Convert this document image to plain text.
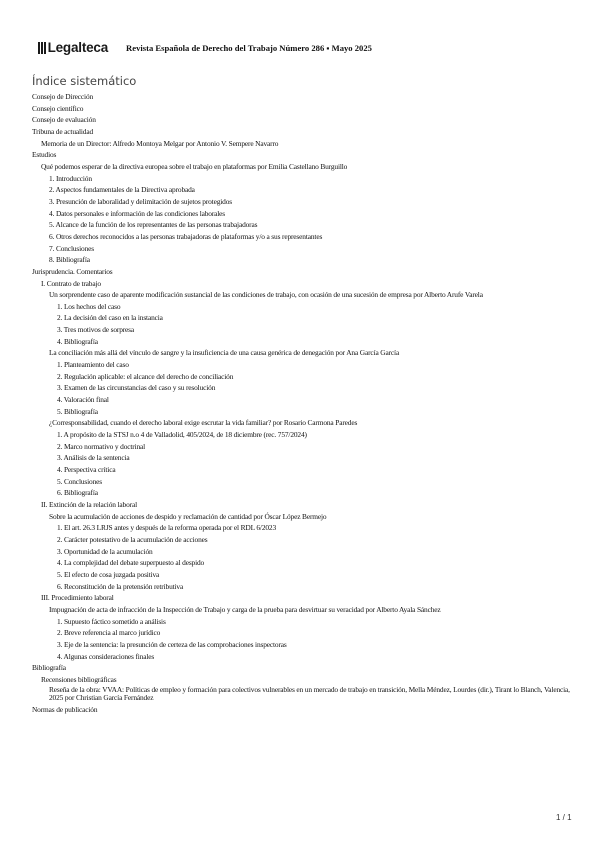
Legalteca Revista Española de Derecho del Trabajo Número 286 ▪ Mayo 2025
Índice sistemático
Consejo de Dirección
Consejo científico
Consejo de evaluación
Tribuna de actualidad
Memoria de un Director: Alfredo Montoya Melgar por Antonio V. Sempere Navarro
Estudios
Qué podemos esperar de la directiva europea sobre el trabajo en plataformas por Emilia Castellano Burguillo
1. Introducción
2. Aspectos fundamentales de la Directiva aprobada
3. Presunción de laboralidad y delimitación de sujetos protegidos
4. Datos personales e información de las condiciones laborales
5. Alcance de la función de los representantes de las personas trabajadoras
6. Otros derechos reconocidos a las personas trabajadoras de plataformas y/o a sus representantes
7. Conclusiones
8. Bibliografía
Jurisprudencia. Comentarios
I. Contrato de trabajo
Un sorprendente caso de aparente modificación sustancial de las condiciones de trabajo, con ocasión de una sucesión de empresa por Alberto Arufe Varela
1. Los hechos del caso
2. La decisión del caso en la instancia
3. Tres motivos de sorpresa
4. Bibliografía
La conciliación más allá del vínculo de sangre y la insuficiencia de una causa genérica de denegación por Ana García García
1. Planteamiento del caso
2. Regulación aplicable: el alcance del derecho de conciliación
3. Examen de las circunstancias del caso y su resolución
4. Valoración final
5. Bibliografía
¿Corresponsabilidad, cuando el derecho laboral exige escrutar la vida familiar? por Rosario Carmona Paredes
1. A propósito de la STSJ n.o 4 de Valladolid, 405/2024, de 18 diciembre (rec. 757/2024)
2. Marco normativo y doctrinal
3. Análisis de la sentencia
4. Perspectiva crítica
5. Conclusiones
6. Bibliografía
II. Extinción de la relación laboral
Sobre la acumulación de acciones de despido y reclamación de cantidad por Óscar López Bermejo
1. El art. 26.3 LRJS antes y después de la reforma operada por el RDL 6/2023
2. Carácter potestativo de la acumulación de acciones
3. Oportunidad de la acumulación
4. La complejidad del debate superpuesto al despido
5. El efecto de cosa juzgada positiva
6. Reconstitución de la pretensión retributiva
III. Procedimiento laboral
Impugnación de acta de infracción de la Inspección de Trabajo y carga de la prueba para desvirtuar su veracidad por Alberto Ayala Sánchez
1. Supuesto fáctico sometido a análisis
2. Breve referencia al marco jurídico
3. Eje de la sentencia: la presunción de certeza de las comprobaciones inspectoras
4. Algunas consideraciones finales
Bibliografía
Recensiones bibliográficas
Reseña de la obra: VVAA: Políticas de empleo y formación para colectivos vulnerables en un mercado de trabajo en transición, Mella Méndez, Lourdes (dir.), Tirant lo Blanch, Valencia, 2025 por Christian García Fernández
Normas de publicación
1 / 1
